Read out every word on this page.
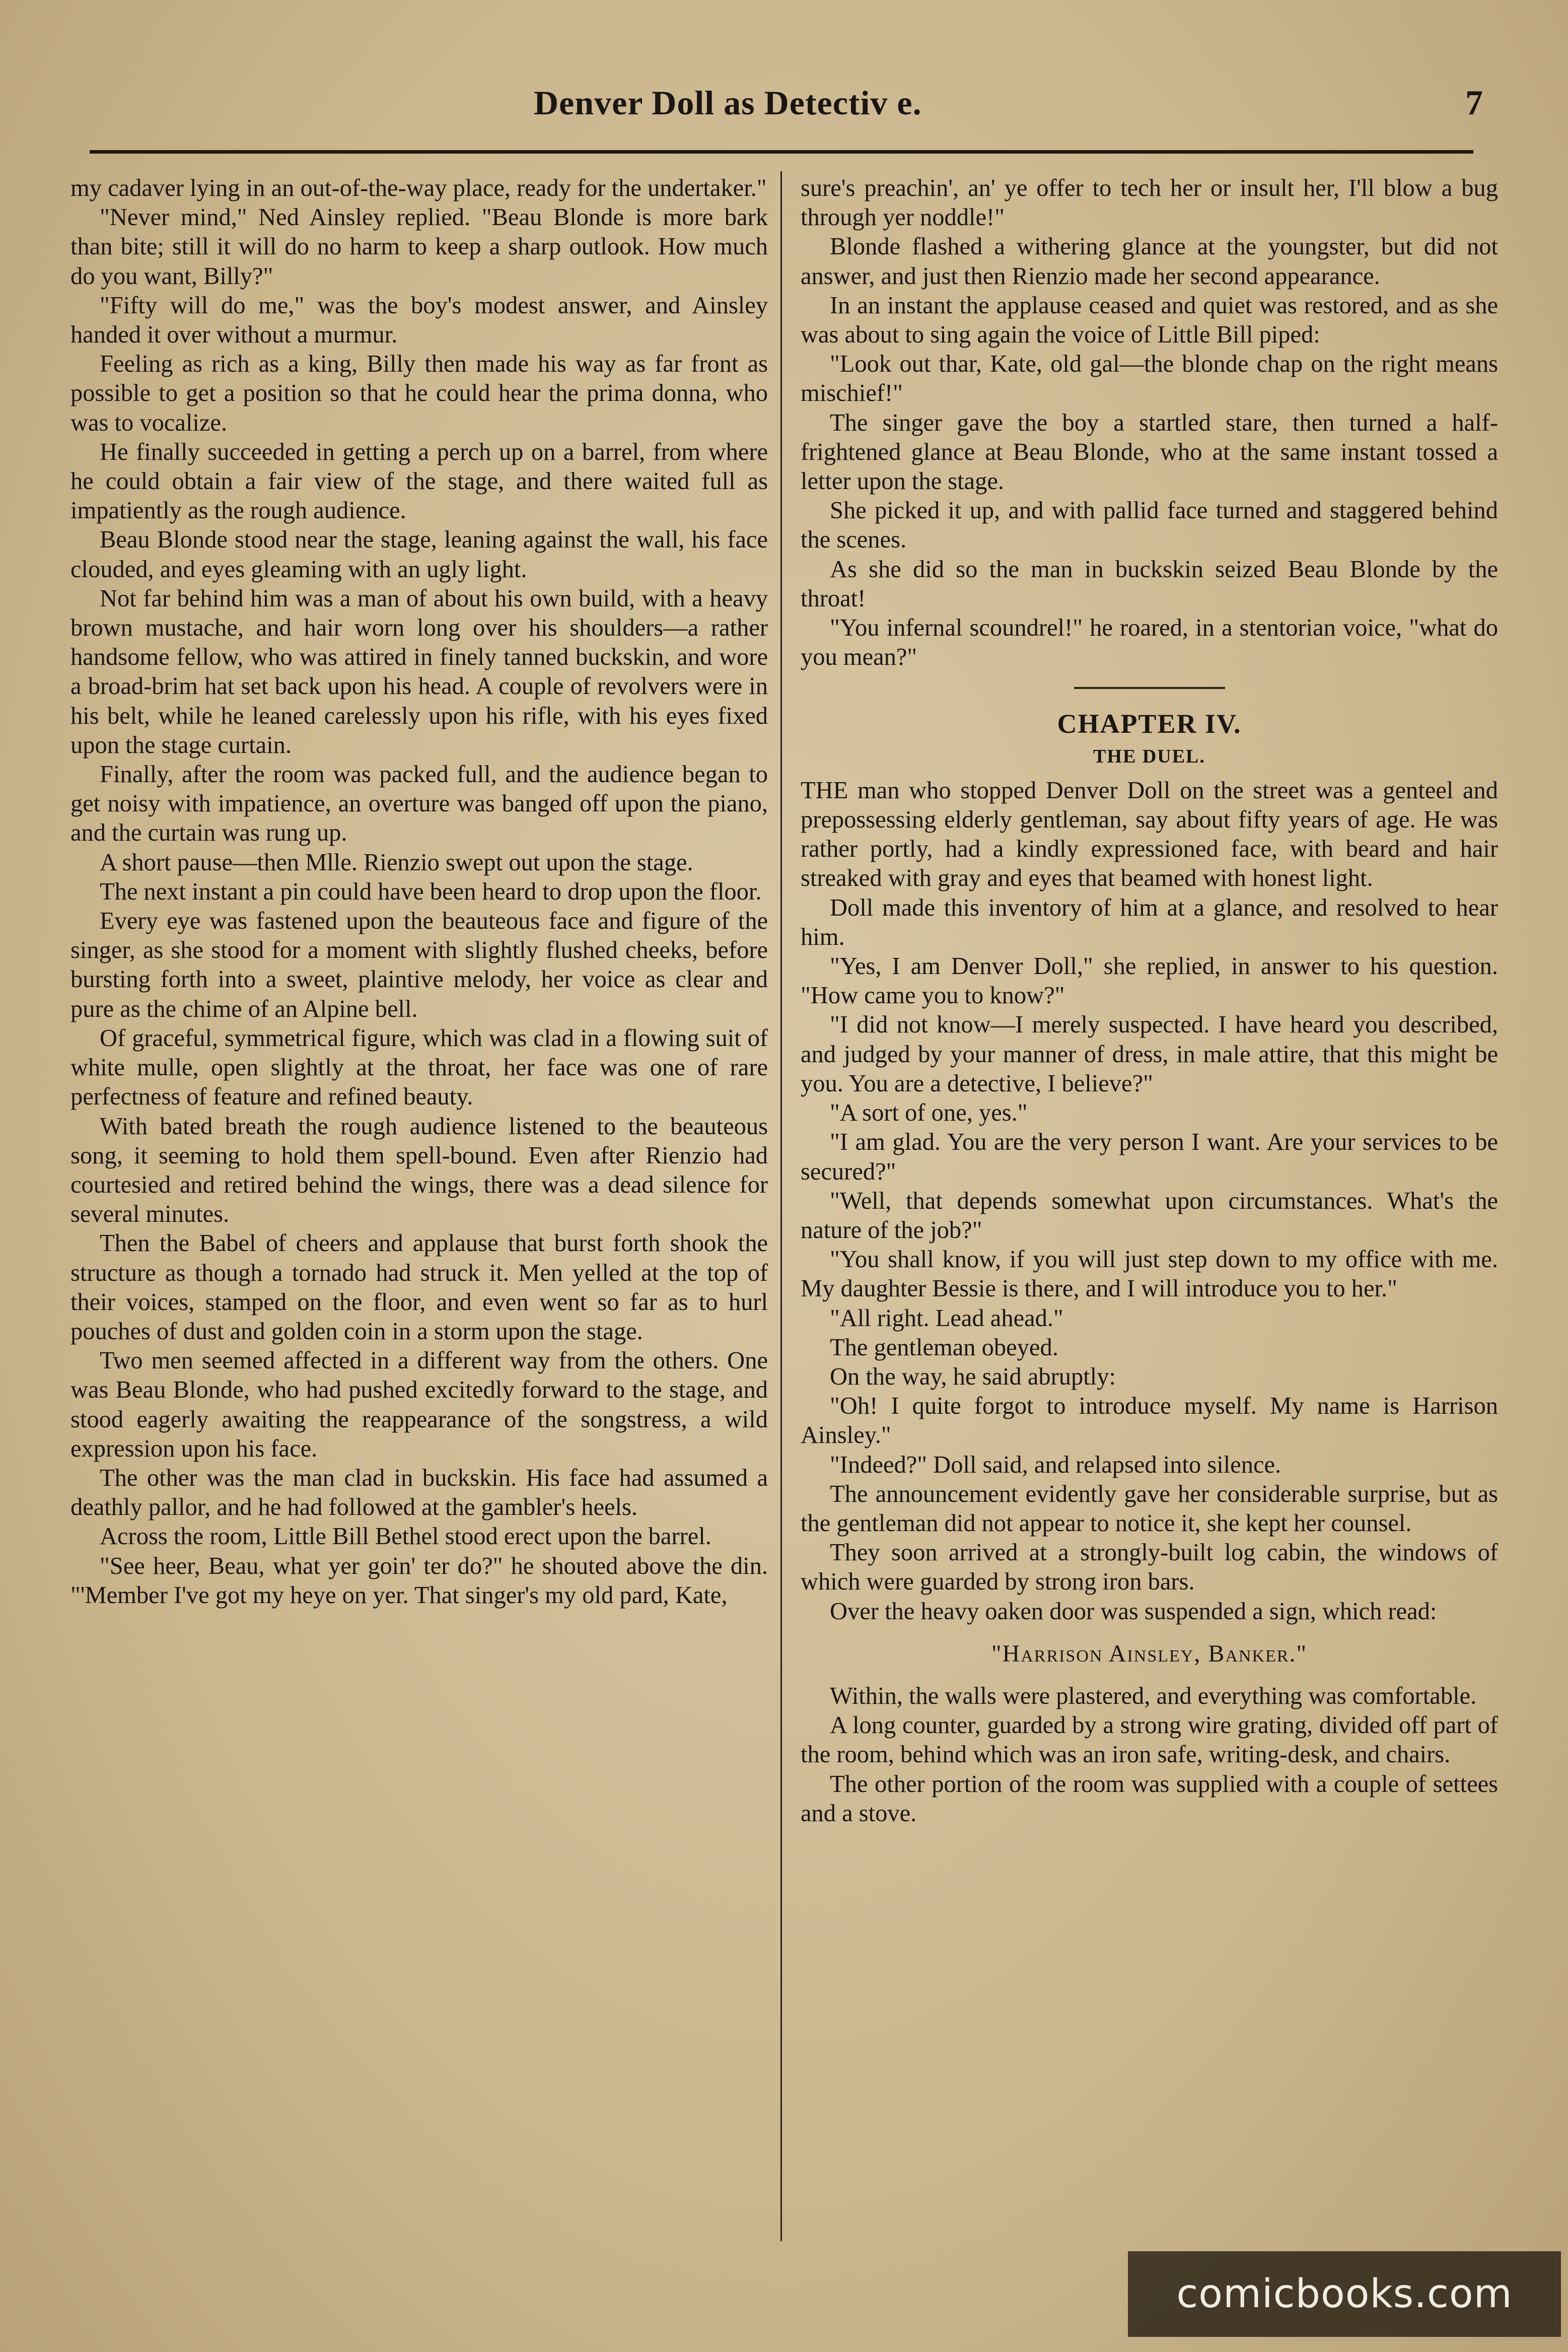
Denver Doll as Detectiv e.	7

my cadaver lying in an out-of-the-way place, ready for the undertaker."

"Never mind," Ned Ainsley replied. "Beau Blonde is more bark than bite; still it will do no harm to keep a sharp outlook. How much do you want, Billy?"

"Fifty will do me," was the boy's modest answer, and Ainsley handed it over without a murmur.

Feeling as rich as a king, Billy then made his way as far front as possible to get a position so that he could hear the prima donna, who was to vocalize.

He finally succeeded in getting a perch up on a barrel, from where he could obtain a fair view of the stage, and there waited full as impatiently as the rough audience.

Beau Blonde stood near the stage, leaning against the wall, his face clouded, and eyes gleaming with an ugly light.

Not far behind him was a man of about his own build, with a heavy brown mustache, and hair worn long over his shoulders—a rather handsome fellow, who was attired in finely tanned buckskin, and wore a broad-brim hat set back upon his head. A couple of revolvers were in his belt, while he leaned carelessly upon his rifle, with his eyes fixed upon the stage curtain.

Finally, after the room was packed full, and the audience began to get noisy with impatience, an overture was banged off upon the piano, and the curtain was rung up.

A short pause—then Mlle. Rienzio swept out upon the stage.

The next instant a pin could have been heard to drop upon the floor.

Every eye was fastened upon the beauteous face and figure of the singer, as she stood for a moment with slightly flushed cheeks, before bursting forth into a sweet, plaintive melody, her voice as clear and pure as the chime of an Alpine bell.

Of graceful, symmetrical figure, which was clad in a flowing suit of white mulle, open slightly at the throat, her face was one of rare perfectness of feature and refined beauty.

With bated breath the rough audience listened to the beauteous song, it seeming to hold them spell-bound. Even after Rienzio had courtesied and retired behind the wings, there was a dead silence for several minutes.

Then the Babel of cheers and applause that burst forth shook the structure as though a tornado had struck it. Men yelled at the top of their voices, stamped on the floor, and even went so far as to hurl pouches of dust and golden coin in a storm upon the stage.

Two men seemed affected in a different way from the others. One was Beau Blonde, who had pushed excitedly forward to the stage, and stood eagerly awaiting the reappearance of the songstress, a wild expression upon his face.

The other was the man clad in buckskin. His face had assumed a deathly pallor, and he had followed at the gambler's heels.

Across the room, Little Bill Bethel stood erect upon the barrel.

"See heer, Beau, what yer goin' ter do?" he shouted above the din. "'Member I've got my heye on yer. That singer's my old pard, Kate,

sure's preachin', an' ye offer to tech her or insult her, I'll blow a bug through yer noddle!"

Blonde flashed a withering glance at the youngster, but did not answer, and just then Rienzio made her second appearance.

In an instant the applause ceased and quiet was restored, and as she was about to sing again the voice of Little Bill piped:

"Look out thar, Kate, old gal—the blonde chap on the right means mischief!"

The singer gave the boy a startled stare, then turned a half-frightened glance at Beau Blonde, who at the same instant tossed a letter upon the stage.

She picked it up, and with pallid face turned and staggered behind the scenes.

As she did so the man in buckskin seized Beau Blonde by the throat!

"You infernal scoundrel!" he roared, in a stentorian voice, "what do you mean?"

CHAPTER IV.
THE DUEL.

THE man who stopped Denver Doll on the street was a genteel and prepossessing elderly gentleman, say about fifty years of age. He was rather portly, had a kindly expressioned face, with beard and hair streaked with gray and eyes that beamed with honest light.

Doll made this inventory of him at a glance, and resolved to hear him.

"Yes, I am Denver Doll," she replied, in answer to his question. "How came you to know?"

"I did not know—I merely suspected. I have heard you described, and judged by your manner of dress, in male attire, that this might be you. You are a detective, I believe?"

"A sort of one, yes."

"I am glad. You are the very person I want. Are your services to be secured?"

"Well, that depends somewhat upon circumstances. What's the nature of the job?"

"You shall know, if you will just step down to my office with me. My daughter Bessie is there, and I will introduce you to her."

"All right. Lead ahead."

The gentleman obeyed.

On the way, he said abruptly:

"Oh! I quite forgot to introduce myself. My name is Harrison Ainsley."

"Indeed?" Doll said, and relapsed into silence.

The announcement evidently gave her considerable surprise, but as the gentleman did not appear to notice it, she kept her counsel.

They soon arrived at a strongly-built log cabin, the windows of which were guarded by strong iron bars.

Over the heavy oaken door was suspended a sign, which read:

"Harrison Ainsley, Banker."

Within, the walls were plastered, and everything was comfortable.

A long counter, guarded by a strong wire grating, divided off part of the room, behind which was an iron safe, writing-desk, and chairs.

The other portion of the room was supplied with a couple of settees and a stove.

comicbooks.com
